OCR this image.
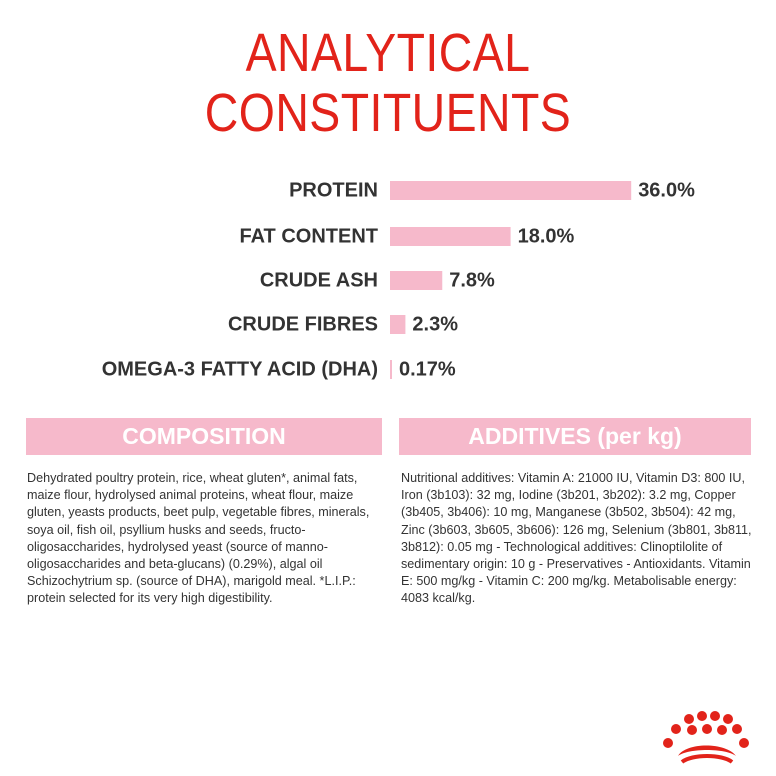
ANALYTICAL
CONSTITUENTS
PROTEIN	36.0%
FAT CONTENT	18.0%
CRUDE ASH	7.8%
CRUDE FIBRES 2.3%
OMEGA-3 FATTY ACID (DHA) 0.17%
COMPOSITION	ADDITIVES (per kg)

Dehydrated poultry protein, rice, wheat gluten*, animal fats, maize flour, hydrolysed animal proteins, wheat flour, maize gluten, yeasts products, beet pulp, vegetable fibres, minerals, soya oil, fish oil, psyllium husks and seeds, fructo-oligosaccharides, hydrolysed yeast (source of manno-oligosaccharides and beta-glucans) (0.29%), algal oil Schizochytrium sp. (source of DHA), marigold meal. *L.I.P.: protein selected for its very high digestibility.

Nutritional additives: Vitamin A: 21000 IU, Vitamin D3: 800 IU, Iron (3b103): 32 mg, Iodine (3b201, 3b202): 3.2 mg, Copper (3b405, 3b406): 10 mg, Manganese (3b502, 3b504): 42 mg, Zinc (3b603, 3b605, 3b606): 126 mg, Selenium (3b801, 3b811, 3b812): 0.05 mg - Technological additives: Clinoptilolite of sedimentary origin: 10 g - Preservatives - Antioxidants. Vitamin E: 500 mg/kg - Vitamin C: 200 mg/kg. Metabolisable energy: 4083 kcal/kg.
